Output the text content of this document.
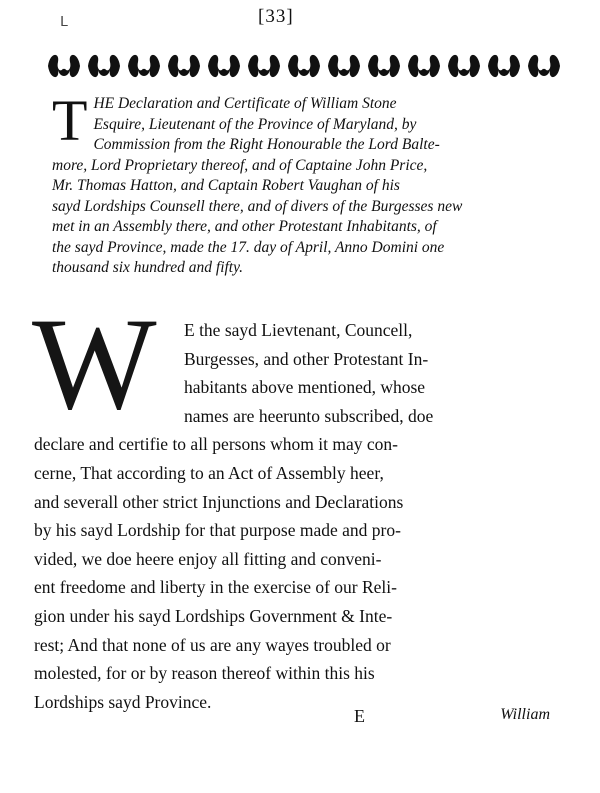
ᒪ	[33]
T HE Declaration and Certificate of William Stone
Esquire, Lieutenant of the Province of Maryland, by
Commission from the Right Honourable the Lord Balte-
more, Lord Proprietary thereof, and of Captaine John Price,
Mr. Thomas Hatton, and Captain Robert Vaughan of his
sayd Lordships Counsell there, and of divers of the Burgesses new
met in an Assembly there, and other Protestant Inhabitants, of
the sayd Province, made the 17. day of April, Anno Domini one
thousand six hundred and fifty.
W	E the sayd Lievtenant, Councell,
Burgesses, and other Protestant In-
habitants above mentioned, whose
names are heerunto subscribed, doe
declare and certifie to all persons whom it may con-
cerne, That according to an Act of Assembly heer,
and severall other strict Injunctions and Declarations
by his sayd Lordship for that purpose made and pro-
vided, we doe heere enjoy all fitting and conveni-
ent freedome and liberty in the exercise of our Reli-
gion under his sayd Lordships Government & Inte-
rest; And that none of us are any wayes troubled or
molested, for or by reason thereof within this his
Lordships sayd Province.
E	William
